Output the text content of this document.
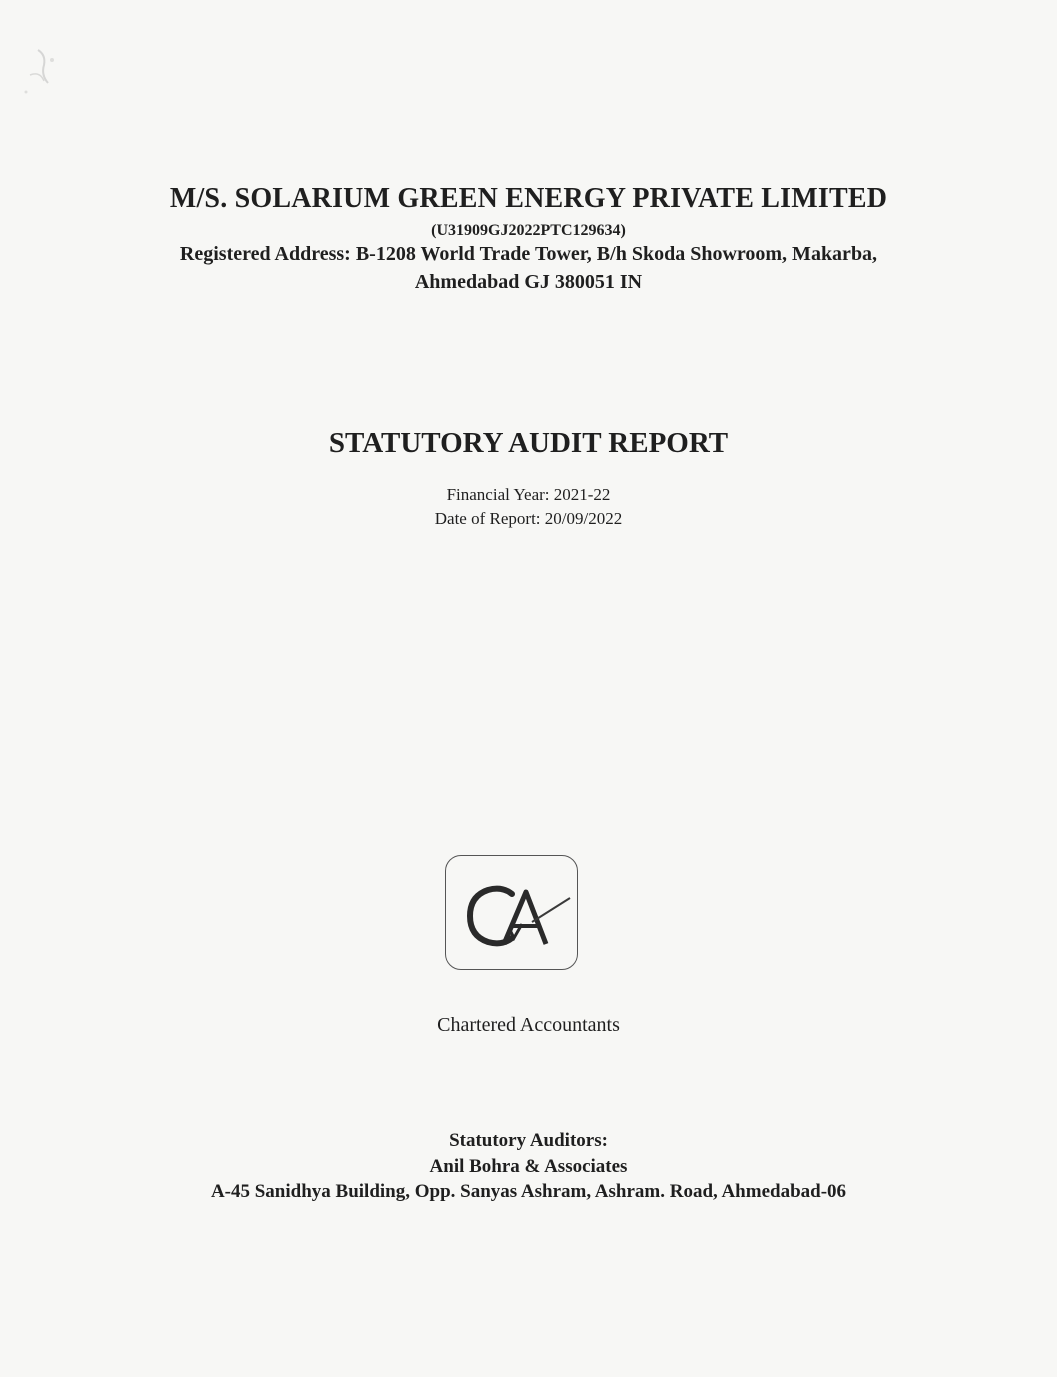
M/S. SOLARIUM GREEN ENERGY PRIVATE LIMITED
(U31909GJ2022PTC129634)
Registered Address: B-1208 World Trade Tower, B/h Skoda Showroom, Makarba,
Ahmedabad GJ 380051 IN
STATUTORY AUDIT REPORT
Financial Year: 2021-22
Date of Report: 20/09/2022
Chartered Accountants
Statutory Auditors:
Anil Bohra & Associates
A-45 Sanidhya Building, Opp. Sanyas Ashram, Ashram. Road, Ahmedabad-06
